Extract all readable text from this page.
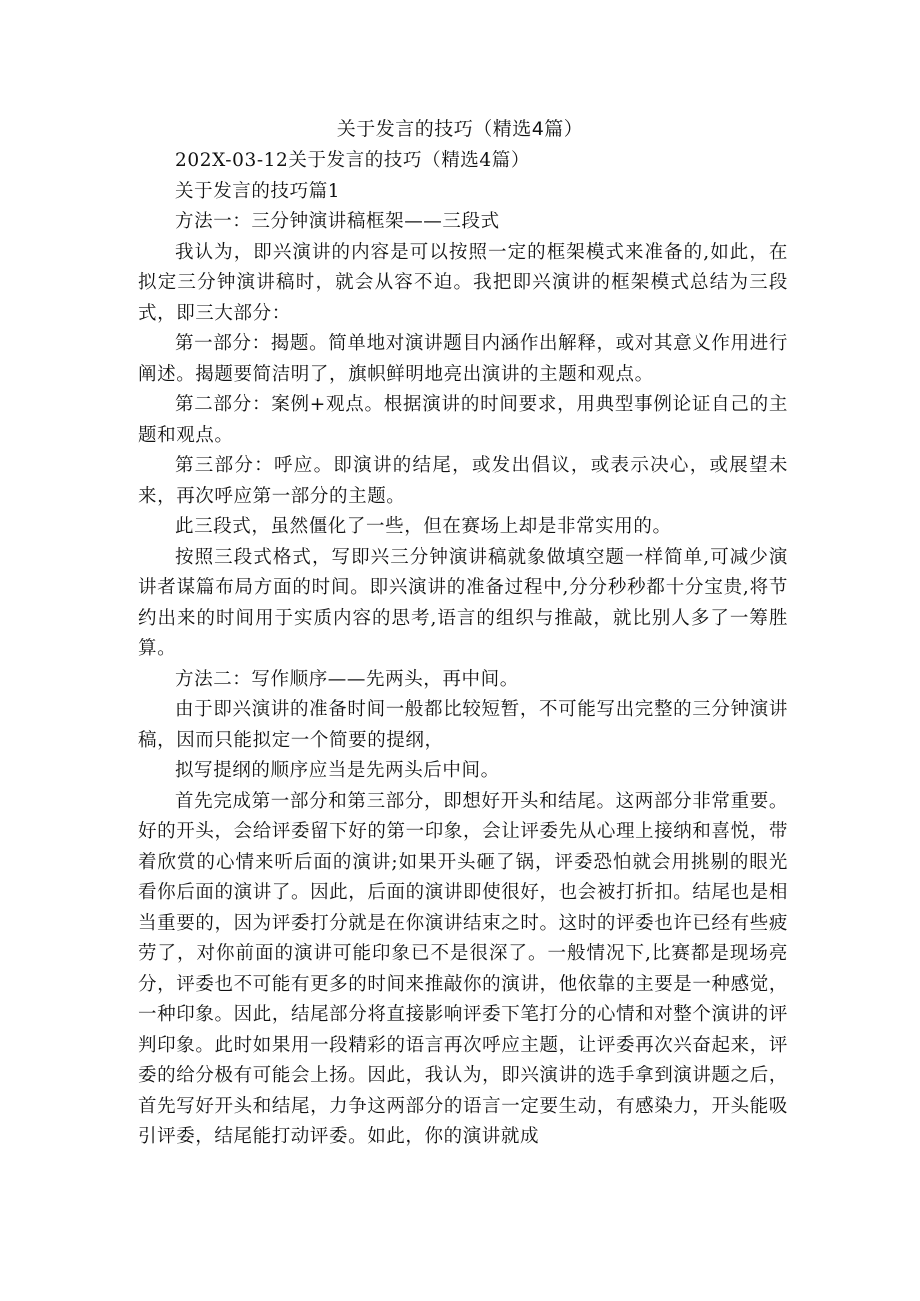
关于发言的技巧（精选4篇）

202X-03-12关于发言的技巧（精选4篇）

关于发言的技巧篇1

方法一：三分钟演讲稿框架——三段式

我认为，即兴演讲的内容是可以按照一定的框架模式来准备的,如此，在拟定三分钟演讲稿时，就会从容不迫。我把即兴演讲的框架模式总结为三段式，即三大部分：

第一部分：揭题。简单地对演讲题目内涵作出解释，或对其意义作用进行阐述。揭题要简洁明了，旗帜鲜明地亮出演讲的主题和观点。

第二部分：案例+观点。根据演讲的时间要求，用典型事例论证自己的主题和观点。

第三部分：呼应。即演讲的结尾，或发出倡议，或表示决心，或展望未来，再次呼应第一部分的主题。

此三段式，虽然僵化了一些，但在赛场上却是非常实用的。

按照三段式格式，写即兴三分钟演讲稿就象做填空题一样简单,可减少演讲者谋篇布局方面的时间。即兴演讲的准备过程中,分分秒秒都十分宝贵,将节约出来的时间用于实质内容的思考,语言的组织与推敲，就比别人多了一筹胜算。

方法二：写作顺序——先两头，再中间。

由于即兴演讲的准备时间一般都比较短暂，不可能写出完整的三分钟演讲稿，因而只能拟定一个简要的提纲，

拟写提纲的顺序应当是先两头后中间。

首先完成第一部分和第三部分，即想好开头和结尾。这两部分非常重要。好的开头，会给评委留下好的第一印象，会让评委先从心理上接纳和喜悦，带着欣赏的心情来听后面的演讲;如果开头砸了锅，评委恐怕就会用挑剔的眼光看你后面的演讲了。因此，后面的演讲即使很好，也会被打折扣。结尾也是相当重要的，因为评委打分就是在你演讲结束之时。这时的评委也许已经有些疲劳了，对你前面的演讲可能印象已不是很深了。一般情况下,比赛都是现场亮分，评委也不可能有更多的时间来推敲你的演讲，他依靠的主要是一种感觉，一种印象。因此，结尾部分将直接影响评委下笔打分的心情和对整个演讲的评判印象。此时如果用一段精彩的语言再次呼应主题，让评委再次兴奋起来，评委的给分极有可能会上扬。因此，我认为，即兴演讲的选手拿到演讲题之后，首先写好开头和结尾，力争这两部分的语言一定要生动，有感染力，开头能吸引评委，结尾能打动评委。如此，你的演讲就成
